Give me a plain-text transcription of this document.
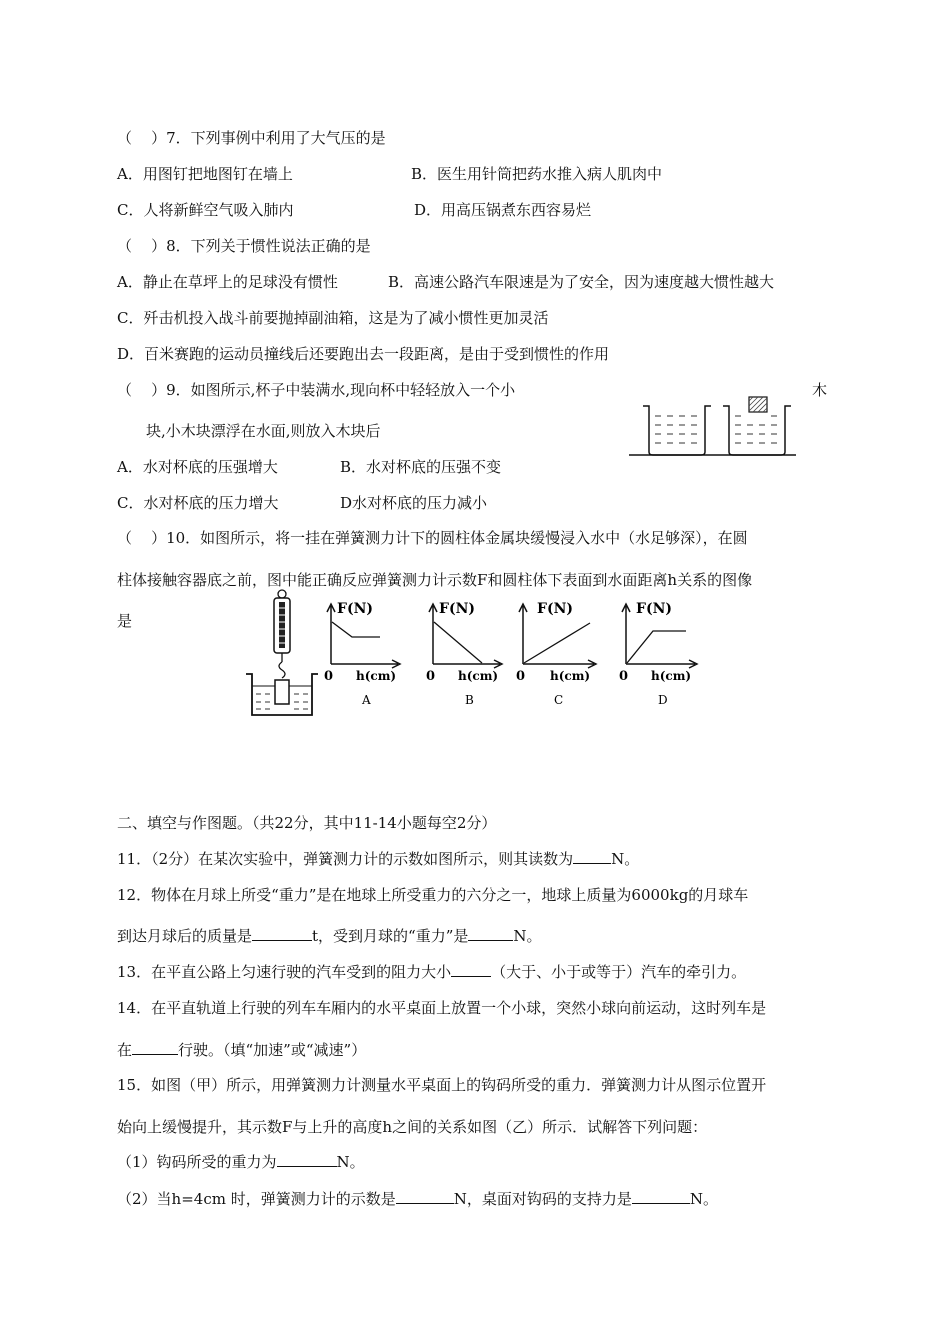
（    ）7．下列事例中利用了大气压的是
A．用图钉把地图钉在墙上	B．医生用针筒把药水推入病人肌肉中
C．人将新鲜空气吸入肺内	D．用高压锅煮东西容易烂
（    ）8．下列关于惯性说法正确的是
A．静止在草坪上的足球没有惯性	B．高速公路汽车限速是为了安全，因为速度越大惯性越大
C．歼击机投入战斗前要抛掉副油箱，这是为了减小惯性更加灵活
D．百米赛跑的运动员撞线后还要跑出去一段距离，是由于受到惯性的作用
（    ）9．如图所示,杯子中装满水,现向杯中轻轻放入一个小	木
块,小木块漂浮在水面,则放入木块后
A．水对杯底的压强增大	B．水对杯底的压强不变
C．水对杯底的压力增大	D水对杯底的压力减小
（    ）10．如图所示，将一挂在弹簧测力计下的圆柱体金属块缓慢浸入水中（水足够深），在圆
柱体接触容器底之前，图中能正确反应弹簧测力计示数F和圆柱体下表面到水面距离h关系的图像
是
F(N)
0 h(cm)
A
F(N)
0 h(cm)
B
F(N)
0 h(cm)
C
F(N)
0 h(cm)
D
二、填空与作图题。（共22分，其中11-14小题每空2分）
11．（2分）在某次实验中，弹簧测力计的示数如图所示，则其读数为	N。
12．物体在月球上所受“重力”是在地球上所受重力的六分之一，地球上质量为6000kg的月球车
到达月球后的质量是	t，受到月球的“重力”是	N。
13．在平直公路上匀速行驶的汽车受到的阻力大小	（大于、小于或等于）汽车的牵引力。
14．在平直轨道上行驶的列车车厢内的水平桌面上放置一个小球，突然小球向前运动，这时列车是
在	行驶。（填“加速”或“减速”）
15．如图（甲）所示，用弹簧测力计测量水平桌面上的钩码所受的重力．弹簧测力计从图示位置开
始向上缓慢提升，其示数F与上升的高度h之间的关系如图（乙）所示．试解答下列问题：
（1）钩码所受的重力为	N。
（2）当h=4cm 时，弹簧测力计的示数是	N，桌面对钩码的支持力是	N。
